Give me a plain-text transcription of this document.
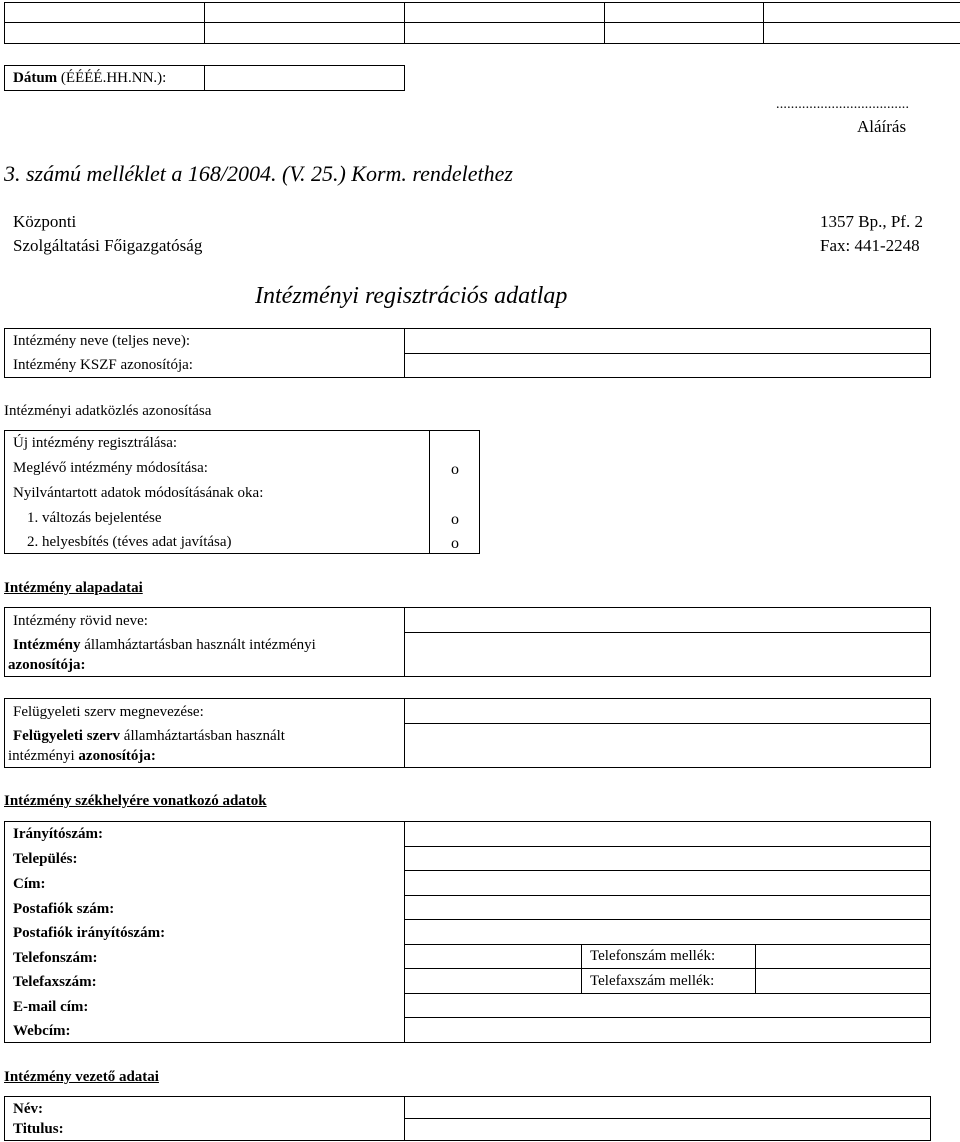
Dátum (ÉÉÉÉ.HH.NN.):
....................................
Aláírás
3. számú melléklet a 168/2004. (V. 25.) Korm. rendelethez
Központi
Szolgáltatási Főigazgatóság
1357 Bp., Pf. 2
Fax: 441-2248
Intézményi regisztrációs adatlap
Intézmény neve (teljes neve):
Intézmény KSZF azonosítója:
Intézményi adatközlés azonosítása
Új intézmény regisztrálása:
Meglévő intézmény módosítása:
Nyilvántartott adatok módosításának oka:
1. változás bejelentése
2. helyesbítés (téves adat javítása)
o
o
o
Intézmény alapadatai
Intézmény rövid neve:
Intézmény államháztartásban használt intézményi
azonosítója:
Felügyeleti szerv megnevezése:
Felügyeleti szerv államháztartásban használt
intézményi azonosítója:
Intézmény székhelyére vonatkozó adatok
Irányítószám:
Település:
Cím:
Postafiók szám:
Postafiók irányítószám:
Telefonszám:
Telefaxszám:
E-mail cím:
Webcím:
Telefonszám mellék:
Telefaxszám mellék:
Intézmény vezető adatai
Név:
Titulus:
